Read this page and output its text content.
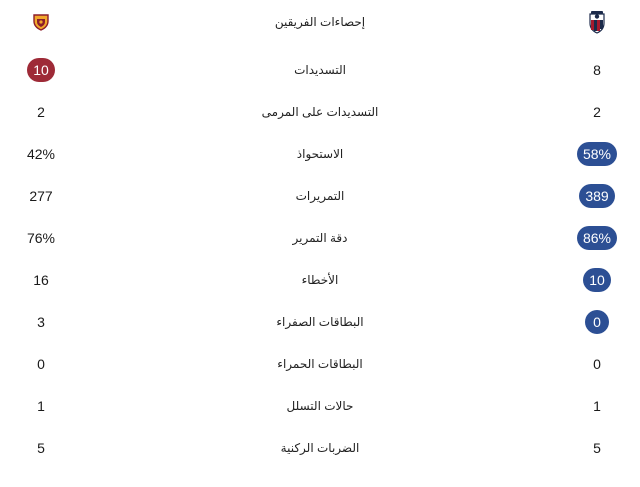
إحصاءات الفريقين
10	التسديدات	8
2	التسديدات على المرمى	2
42%	الاستحواذ	58%
277	التمريرات	389
76%	دقة التمرير	86%
16	الأخطاء	10
3	البطاقات الصفراء	0
0	البطاقات الحمراء	0
1	حالات التسلل	1
5	الضربات الركنية	5
